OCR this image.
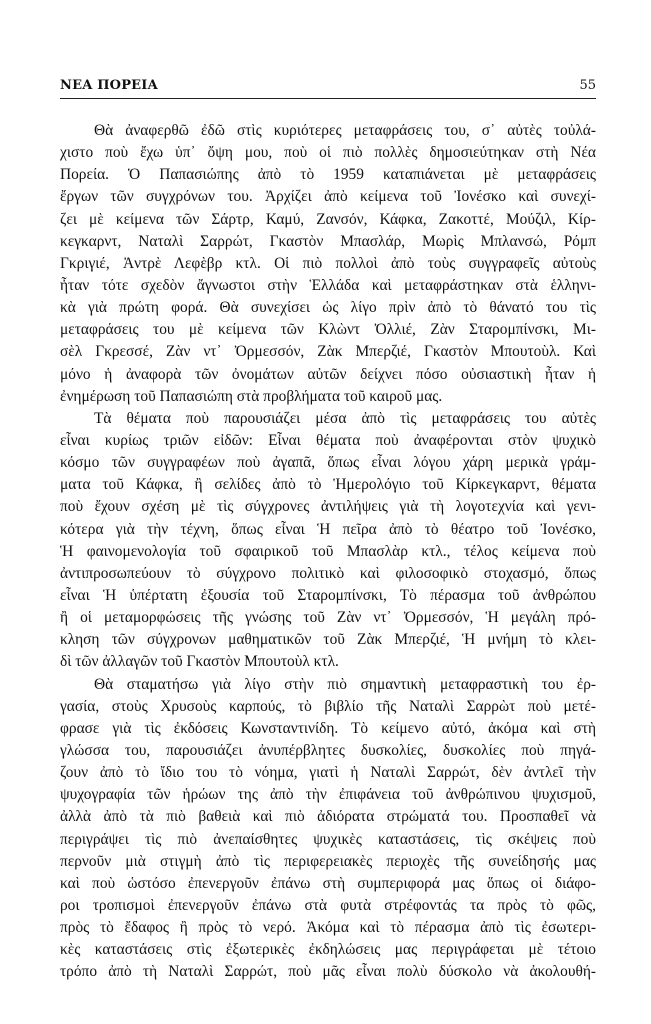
ΝΕΑ ΠΟΡΕΙΑ	55
Θὰ ἀναφερθῶ ἐδῶ στὶς κυριότερες μεταφράσεις του, σ᾽ αὐτὲς τοὐλά-
χιστο ποὺ ἔχω ὑπ᾽ ὄψη μου, ποὺ οἱ πιὸ πολλὲς δημοσιεύτηκαν στὴ Νέα
Πορεία. Ὁ Παπασιώπης ἀπὸ τὸ 1959 καταπιάνεται μὲ μεταφράσεις
ἔργων τῶν συγχρόνων του. Ἀρχίζει ἀπὸ κείμενα τοῦ Ἰονέσκο καὶ συνεχί-
ζει μὲ κείμενα τῶν Σάρτρ, Καμύ, Ζανσόν, Κάφκα, Ζακοττέ, Μούζιλ, Κίρ-
κεγκαρντ, Ναταλὶ Σαρρώτ, Γκαστὸν Μπασλάρ, Μωρὶς Μπλανσώ, Ρόμπ
Γκριγιέ, Ἀντρὲ Λεφὲβρ κτλ. Οἱ πιὸ πολλοὶ ἀπὸ τοὺς συγγραφεῖς αὐτοὺς
ἦταν τότε σχεδὸν ἄγνωστοι στὴν Ἑλλάδα καὶ μεταφράστηκαν στὰ ἑλληνι-
κὰ γιὰ πρώτη φορά. Θὰ συνεχίσει ὡς λίγο πρὶν ἀπὸ τὸ θάνατό του τὶς
μεταφράσεις του μὲ κείμενα τῶν Κλὼντ Ὀλλιέ, Ζὰν Σταρομπίνσκι, Μι-
σὲλ Γκρεσσέ, Ζὰν ντ᾽ Ὀρμεσσόν, Ζὰκ Μπερζιέ, Γκαστὸν Μπουτοὺλ. Καὶ
μόνο ἡ ἀναφορὰ τῶν ὀνομάτων αὐτῶν δείχνει πόσο οὐσιαστικὴ ἦταν ἡ
ἐνημέρωση τοῦ Παπασιώπη στὰ προβλήματα τοῦ καιροῦ μας.
Τὰ θέματα ποὺ παρουσιάζει μέσα ἀπὸ τὶς μεταφράσεις του αὐτὲς
εἶναι κυρίως τριῶν εἰδῶν: Εἶναι θέματα ποὺ ἀναφέρονται στὸν ψυχικὸ
κόσμο τῶν συγγραφέων ποὺ ἀγαπᾶ, ὅπως εἶναι λόγου χάρη μερικὰ γράμ-
ματα τοῦ Κάφκα, ἢ σελίδες ἀπὸ τὸ Ἡμερολόγιο τοῦ Κίρκεγκαρντ, θέματα
ποὺ ἔχουν σχέση μὲ τὶς σύγχρονες ἀντιλήψεις γιὰ τὴ λογοτεχνία καὶ γενι-
κότερα γιὰ τὴν τέχνη, ὅπως εἶναι Ἡ πεῖρα ἀπὸ τὸ θέατρο τοῦ Ἰονέσκο,
Ἡ φαινομενολογία τοῦ σφαιρικοῦ τοῦ Μπασλὰρ κτλ., τέλος κείμενα ποὺ
ἀντιπροσωπεύουν τὸ σύγχρονο πολιτικὸ καὶ φιλοσοφικὸ στοχασμό, ὅπως
εἶναι Ἡ ὑπέρτατη ἐξουσία τοῦ Σταρομπίνσκι, Τὸ πέρασμα τοῦ ἀνθρώπου
ἢ οἱ μεταμορφώσεις τῆς γνώσης τοῦ Ζὰν ντ᾽ Ὀρμεσσόν, Ἡ μεγάλη πρό-
κληση τῶν σύγχρονων μαθηματικῶν τοῦ Ζὰκ Μπερζιέ, Ἡ μνήμη τὸ κλει-
δὶ τῶν ἀλλαγῶν τοῦ Γκαστὸν Μπουτοὺλ κτλ.
Θὰ σταματήσω γιὰ λίγο στὴν πιὸ σημαντικὴ μεταφραστικὴ του ἐρ-
γασία, στοὺς Χρυσοὺς καρπούς, τὸ βιβλίο τῆς Ναταλὶ Σαρρὼτ ποὺ μετέ-
φρασε γιὰ τὶς ἐκδόσεις Κωνσταντινίδη. Τὸ κείμενο αὐτό, ἀκόμα καὶ στὴ
γλώσσα του, παρουσιάζει ἀνυπέρβλητες δυσκολίες, δυσκολίες ποὺ πηγά-
ζουν ἀπὸ τὸ ἴδιο του τὸ νόημα, γιατὶ ἡ Ναταλὶ Σαρρώτ, δὲν ἀντλεῖ τὴν
ψυχογραφία τῶν ἡρώων της ἀπὸ τὴν ἐπιφάνεια τοῦ ἀνθρώπινου ψυχισμοῦ,
ἀλλὰ ἀπὸ τὰ πιὸ βαθειὰ καὶ πιὸ ἀδιόρατα στρώματά του. Προσπαθεῖ νὰ
περιγράψει τὶς πιὸ ἀνεπαίσθητες ψυχικὲς καταστάσεις, τὶς σκέψεις ποὺ
περνοῦν μιὰ στιγμὴ ἀπὸ τὶς περιφερειακὲς περιοχὲς τῆς συνείδησής μας
καὶ ποὺ ὡστόσο ἐπενεργοῦν ἐπάνω στὴ συμπεριφορά μας ὅπως οἱ διάφο-
ροι τροπισμοὶ ἐπενεργοῦν ἐπάνω στὰ φυτὰ στρέφοντάς τα πρὸς τὸ φῶς,
πρὸς τὸ ἔδαφος ἢ πρὸς τὸ νερό. Ἀκόμα καὶ τὸ πέρασμα ἀπὸ τὶς ἐσωτερι-
κὲς καταστάσεις στὶς ἐξωτερικὲς ἐκδηλώσεις μας περιγράφεται μὲ τέτοιο
τρόπο ἀπὸ τὴ Ναταλὶ Σαρρώτ, ποὺ μᾶς εἶναι πολὺ δύσκολο νὰ ἀκολουθή-
